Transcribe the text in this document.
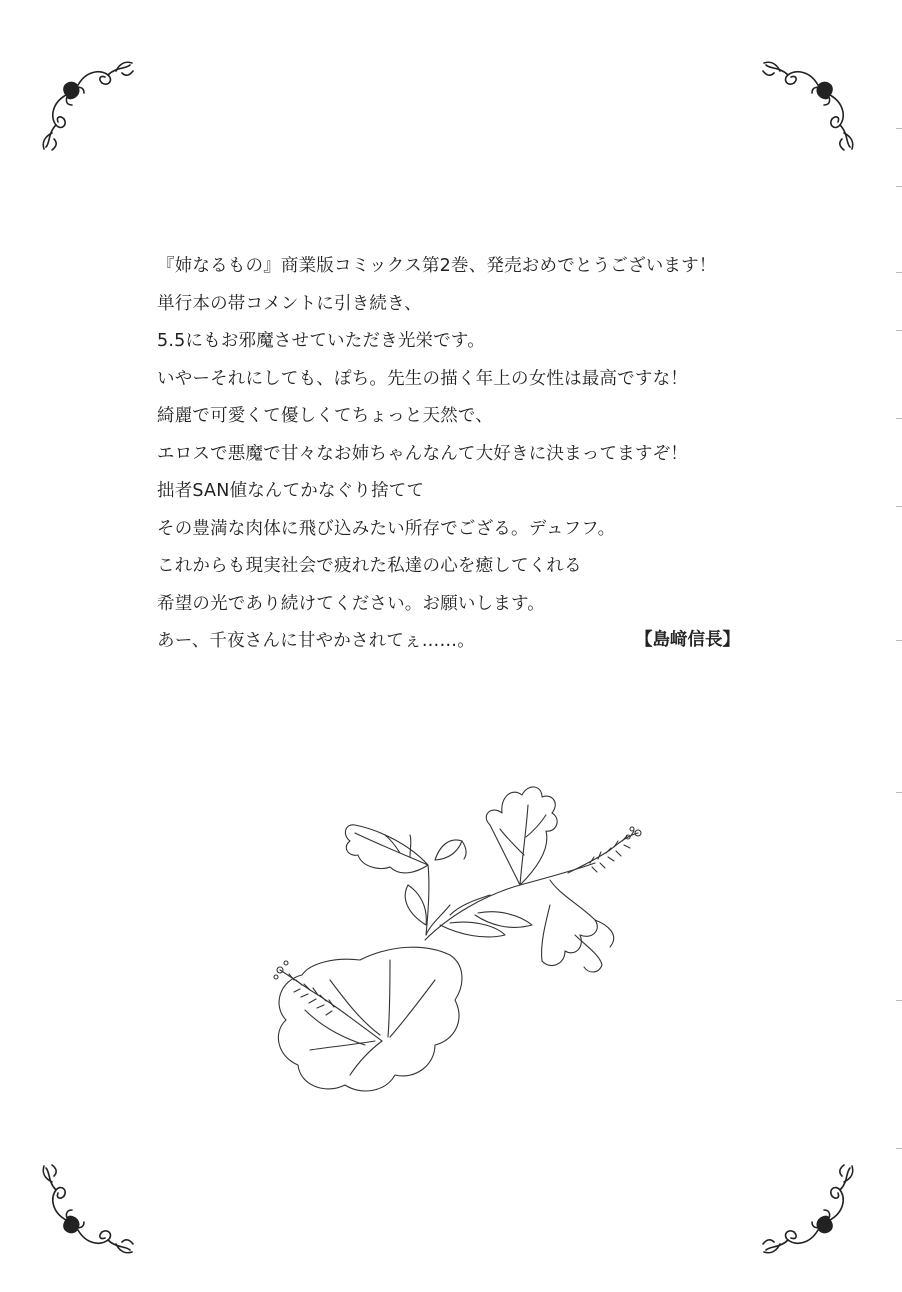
『姉なるもの』商業版コミックス第2巻、発売おめでとうございます！
単行本の帯コメントに引き続き、
5.5にもお邪魔させていただき光栄です。
いやーそれにしても、ぽち。先生の描く年上の女性は最高ですな！
綺麗で可愛くて優しくてちょっと天然で、
エロスで悪魔で甘々なお姉ちゃんなんて大好きに決まってますぞ！
拙者SAN値なんてかなぐり捨てて
その豊満な肉体に飛び込みたい所存でござる。デュフフ。
これからも現実社会で疲れた私達の心を癒してくれる
希望の光であり続けてください。お願いします。
あー、千夜さんに甘やかされてぇ……。	【島﨑信長】
